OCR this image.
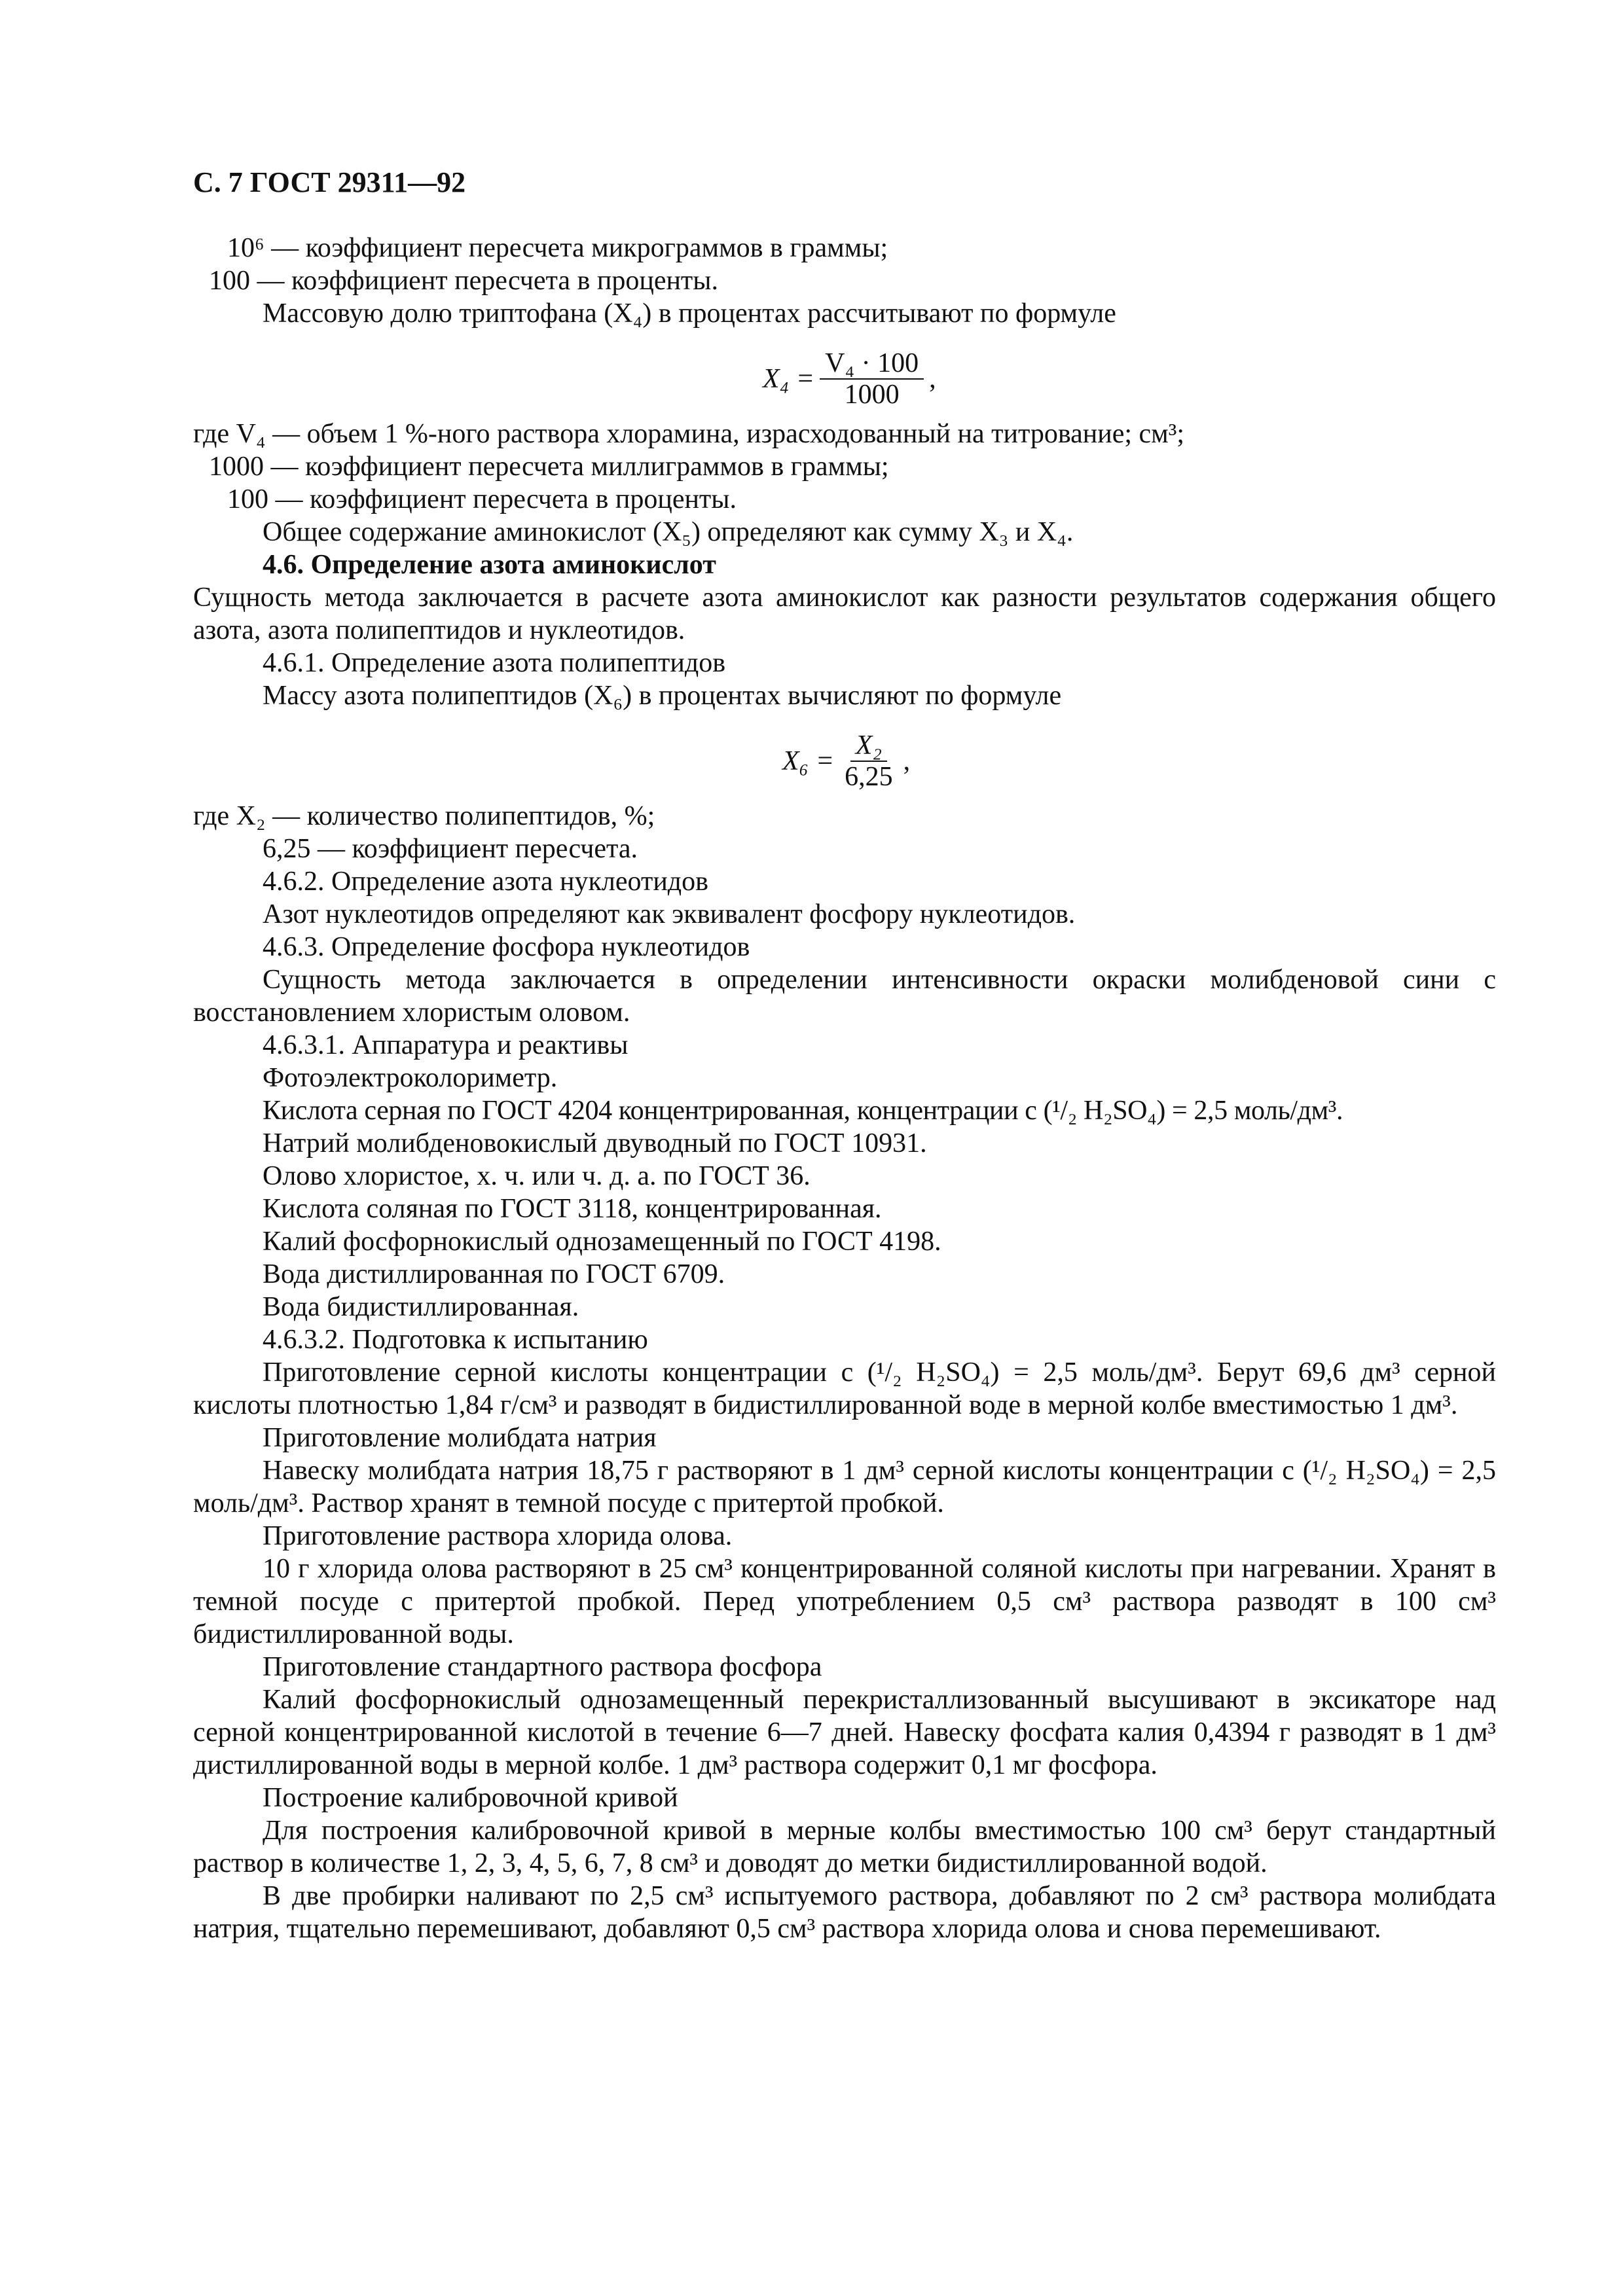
С. 7 ГОСТ 29311—92

10⁶ — коэффициент пересчета микрограммов в граммы;

100 — коэффициент пересчета в проценты.

Массовую долю триптофана (X₄) в процентах рассчитывают по формуле

$X_4 = \frac{\text{V₄ · 100}}{1000}$ ,

где V₄ — объем 1 %-ного раствора хлорамина, израсходованный на титрование; см³;

1000 — коэффициент пересчета миллиграммов в граммы;

100 — коэффициент пересчета в проценты.

Общее содержание аминокислот (X₅) определяют как сумму X₃ и X₄.

4.6. Определение азота аминокислот

Сущность метода заключается в расчете азота аминокислот как разности результатов содержания общего азота, азота полипептидов и нуклеотидов.

4.6.1. Определение азота полипептидов

Массу азота полипептидов (X₆) в процентах вычисляют по формуле

$X_6 = \frac{\text{X₂}}{6,25}$ ,

где X₂ — количество полипептидов, %;

6,25 — коэффициент пересчета.

4.6.2. Определение азота нуклеотидов

Азот нуклеотидов определяют как эквивалент фосфору нуклеотидов.

4.6.3. Определение фосфора нуклеотидов

Сущность метода заключается в определении интенсивности окраски молибденовой сини с восстановлением хлористым оловом.

4.6.3.1. Аппаратура и реактивы

Фотоэлектроколориметр.

Кислота серная по ГОСТ 4204 концентрированная, концентрации c (¹/₂ H₂SO₄) = 2,5 моль/дм³.

Натрий молибденовокислый двуводный по ГОСТ 10931.

Олово хлористое, х. ч. или ч. д. а. по ГОСТ 36.

Кислота соляная по ГОСТ 3118, концентрированная.

Калий фосфорнокислый однозамещенный по ГОСТ 4198.

Вода дистиллированная по ГОСТ 6709.

Вода бидистиллированная.

4.6.3.2. Подготовка к испытанию

Приготовление серной кислоты концентрации c (¹/₂ H₂SO₄) = 2,5 моль/дм³. Берут 69,6 дм³ серной кислоты плотностью 1,84 г/см³ и разводят в бидистиллированной воде в мерной колбе вместимостью 1 дм³.

Приготовление молибдата натрия

Навеску молибдата натрия 18,75 г растворяют в 1 дм³ серной кислоты концентрации c (¹/₂ H₂SO₄) = 2,5 моль/дм³. Раствор хранят в темной посуде с притертой пробкой.

Приготовление раствора хлорида олова.

10 г хлорида олова растворяют в 25 см³ концентрированной соляной кислоты при нагревании. Хранят в темной посуде с притертой пробкой. Перед употреблением 0,5 см³ раствора разводят в 100 см³ бидистиллированной воды.

Приготовление стандартного раствора фосфора

Калий фосфорнокислый однозамещенный перекристаллизованный высушивают в эксикаторе над серной концентрированной кислотой в течение 6—7 дней. Навеску фосфата калия 0,4394 г разводят в 1 дм³ дистиллированной воды в мерной колбе. 1 дм³ раствора содержит 0,1 мг фосфора.

Построение калибровочной кривой

Для построения калибровочной кривой в мерные колбы вместимостью 100 см³ берут стандартный раствор в количестве 1, 2, 3, 4, 5, 6, 7, 8 см³ и доводят до метки бидистиллированной водой.

В две пробирки наливают по 2,5 см³ испытуемого раствора, добавляют по 2 см³ раствора молибдата натрия, тщательно перемешивают, добавляют 0,5 см³ раствора хлорида олова и снова перемешивают.
